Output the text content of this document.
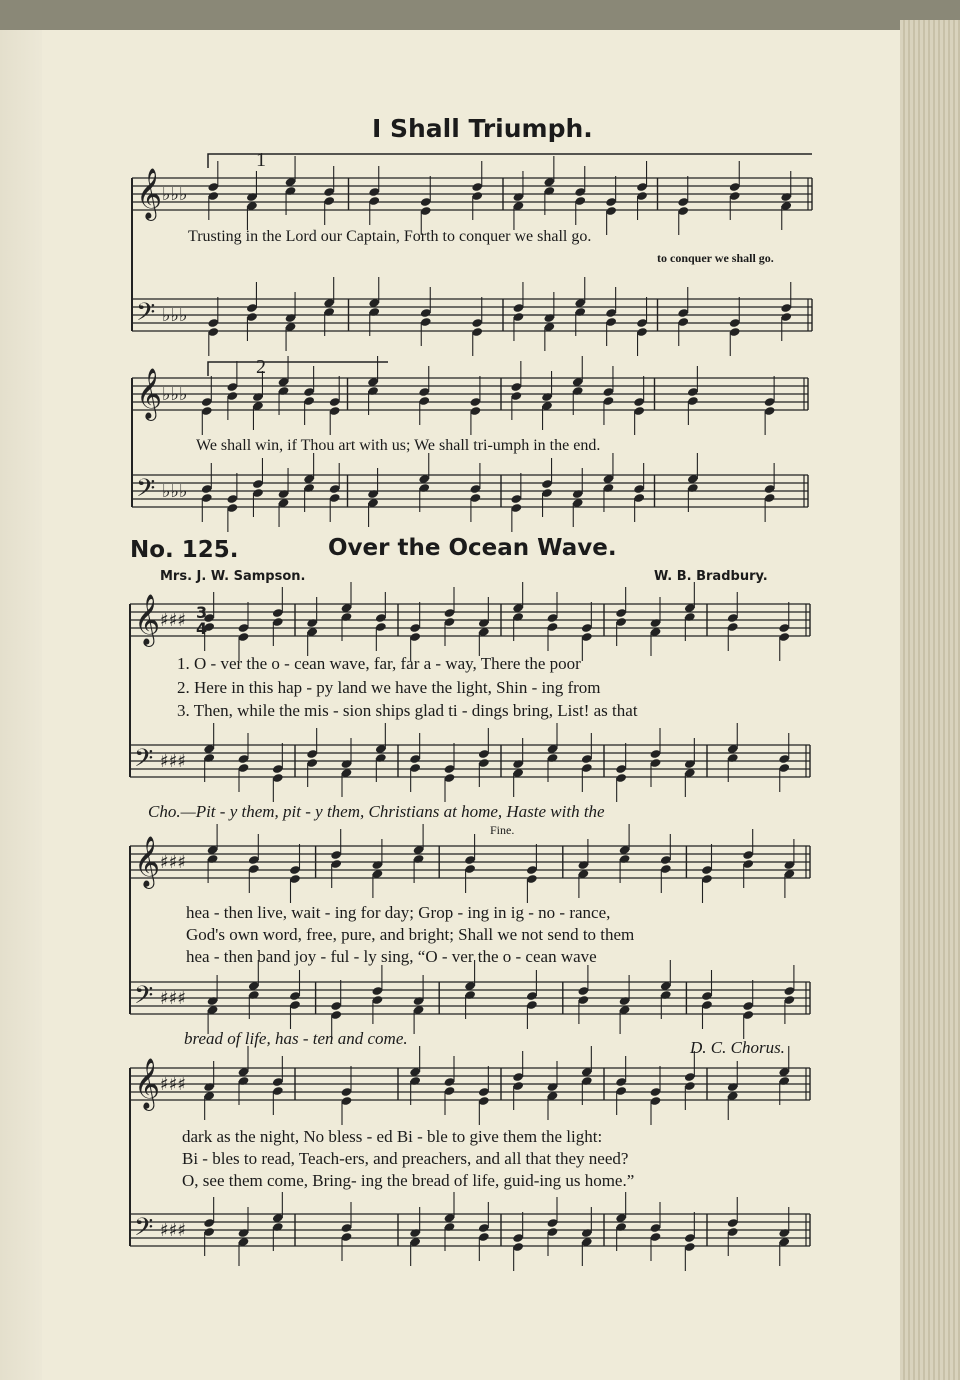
𝄞 ♭♭♭
𝄢 ♭♭♭
𝄞 ♭♭♭
𝄢 ♭♭♭
1
2
𝄞 ♯♯♯
𝄢 ♯♯♯
3
4
𝄞 ♯♯♯
𝄢 ♯♯♯
𝄞 ♯♯♯
𝄢 ♯♯♯
I Shall Triumph.
Trusting in the Lord our Captain, Forth to conquer we shall go.
to conquer we shall go.
We shall win, if Thou art with us; We shall tri-umph in the end.
No. 125.	Over the Ocean Wave.
Mrs. J. W. Sampson.	W. B. Bradbury.
1. O - ver the o - cean wave, far, far a - way, There the poor
2. Here in this hap - py land we have the light, Shin - ing from
3. Then, while the mis - sion ships glad ti - dings bring, List! as that
Cho.—Pit - y them, pit - y them, Christians at home, Haste with the
Fine.
hea - then live, wait - ing for day; Grop - ing in ig - no - rance,
God's own word, free, pure, and bright; Shall we not send to them
hea - then band joy - ful - ly sing, “O - ver the o - cean wave
bread of life, has - ten and come.	D. C. Chorus.
dark as the night, No bless - ed Bi - ble to give them the light:
Bi - bles to read, Teach-ers, and preachers, and all that they need?
O, see them come, Bring- ing the bread of life, guid-ing us home.”
